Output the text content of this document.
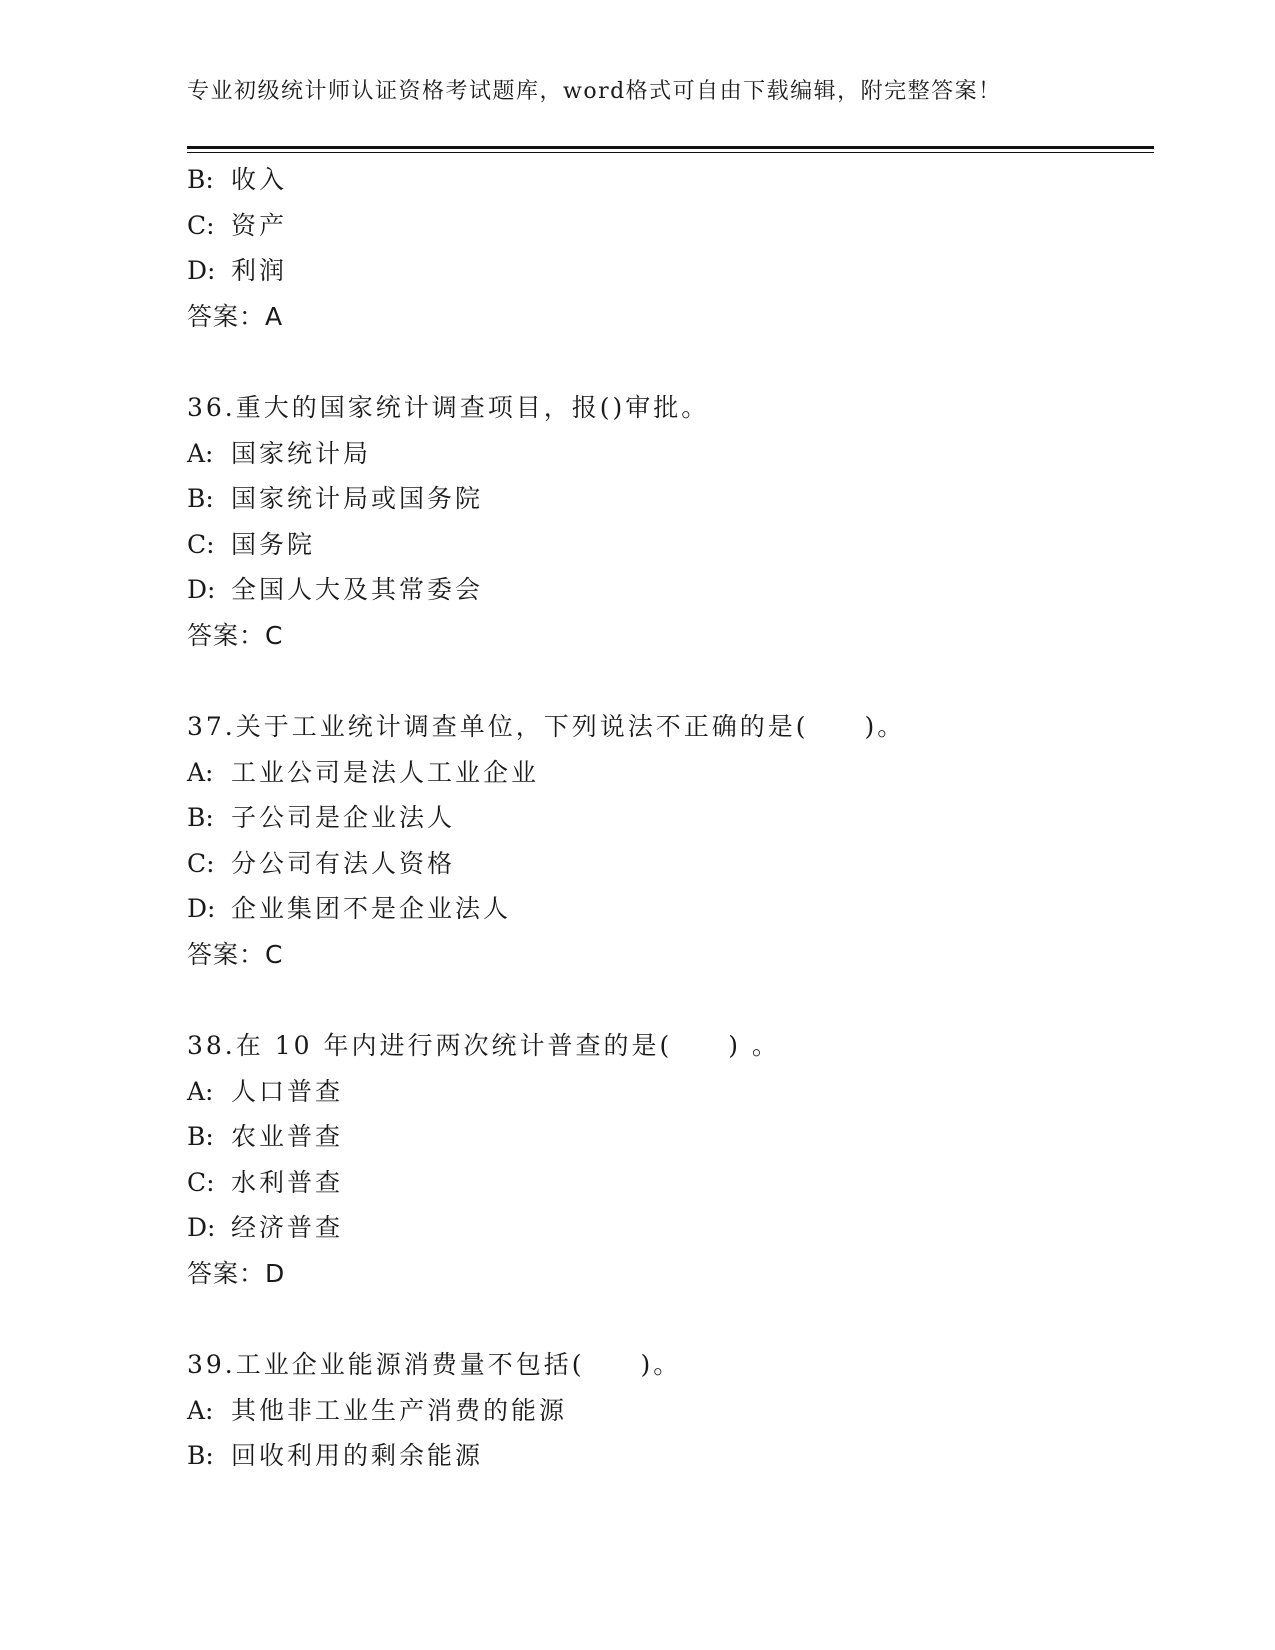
专业初级统计师认证资格考试题库，word格式可自由下载编辑，附完整答案！
B: 收入
C: 资产
D: 利润
答案：A
36.重大的国家统计调查项目，报()审批。
A: 国家统计局
B: 国家统计局或国务院
C: 国务院
D: 全国人大及其常委会
答案：C
37.关于工业统计调查单位，下列说法不正确的是(　　)。
A: 工业公司是法人工业企业
B: 子公司是企业法人
C: 分公司有法人资格
D: 企业集团不是企业法人
答案：C
38.在 10 年内进行两次统计普查的是(　　) 。
A: 人口普查
B: 农业普查
C: 水利普查
D: 经济普查
答案：D
39.工业企业能源消费量不包括(　　)。
A: 其他非工业生产消费的能源
B: 回收利用的剩余能源
